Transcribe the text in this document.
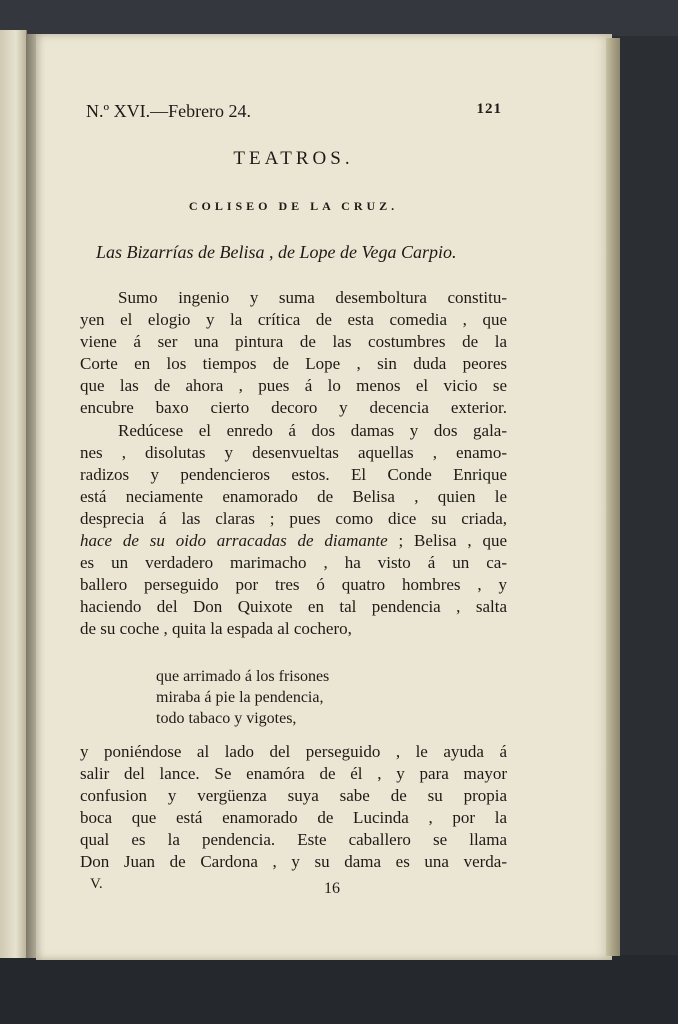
N.º XVI.—Febrero 24.	121
TEATROS.
COLISEO DE LA CRUZ.
Las Bizarrías de Belisa , de Lope de Vega Carpio.

Sumo ingenio y suma desemboltura constitu-

yen el elogio y la crítica de esta comedia , que

viene á ser una pintura de las costumbres de la

Corte en los tiempos de Lope , sin duda peores

que las de ahora , pues á lo menos el vicio se

encubre baxo cierto decoro y decencia exterior.

Redúcese el enredo á dos damas y dos gala-

nes , disolutas y desenvueltas aquellas , enamo-

radizos y pendencieros estos. El Conde Enrique

está neciamente enamorado de Belisa , quien le

desprecia á las claras ; pues como dice su criada,

hace de su oido arracadas de diamante ; Belisa , que

es un verdadero marimacho , ha visto á un ca-

ballero perseguido por tres ó quatro hombres , y

haciendo del Don Quixote en tal pendencia , salta

de su coche , quita la espada al cochero,

que arrimado á los frisones
miraba á pie la pendencia,
todo tabaco y vigotes,

y poniéndose al lado del perseguido , le ayuda á

salir del lance. Se enamóra de él , y para mayor

confusion y vergüenza suya sabe de su propia

boca que está enamorado de Lucinda , por la

qual es la pendencia. Este caballero se llama

Don Juan de Cardona , y su dama es una verda-

V.	16
